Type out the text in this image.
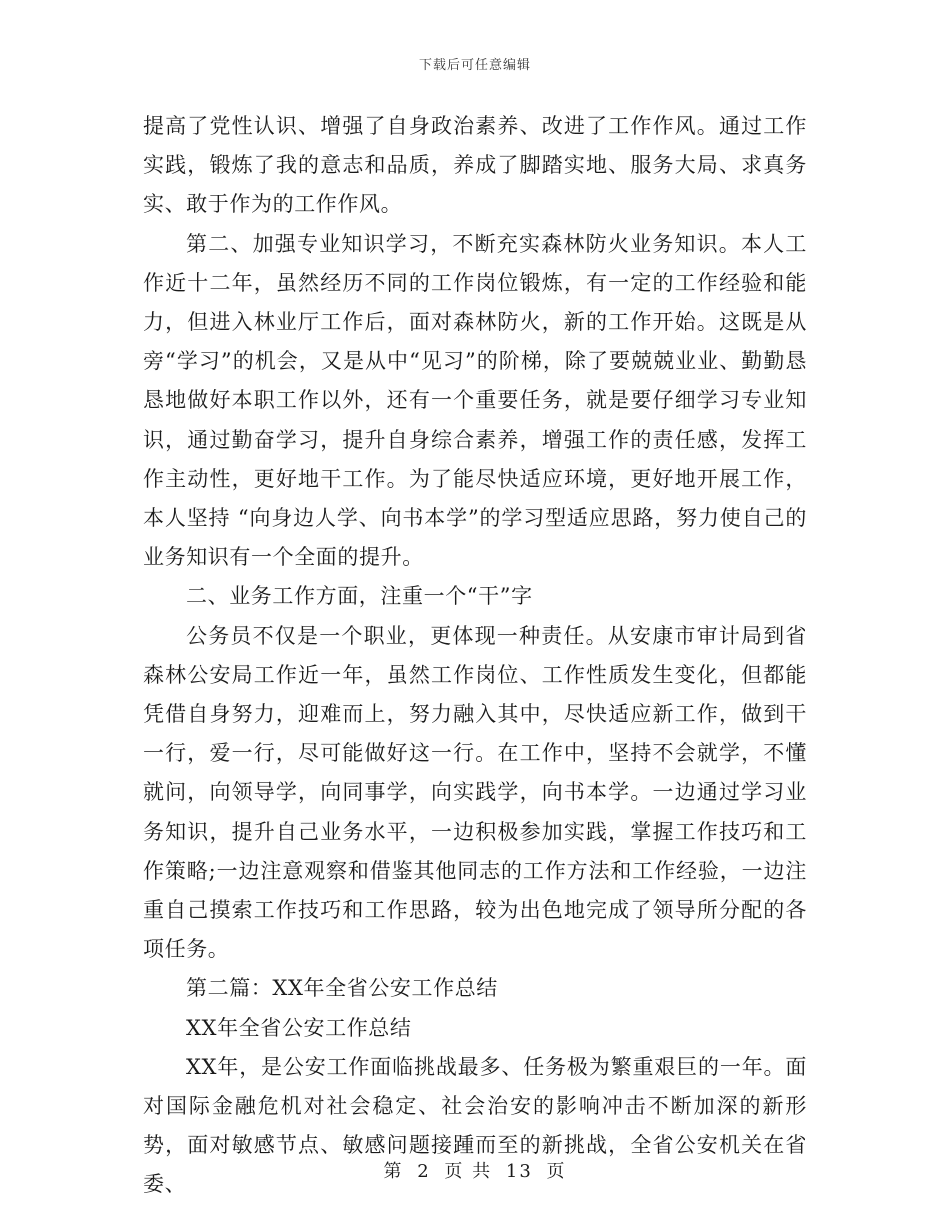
下载后可任意编辑

提高了党性认识、增强了自身政治素养、改进了工作作风。通过工作实践，锻炼了我的意志和品质，养成了脚踏实地、服务大局、求真务实、敢于作为的工作作风。

第二、加强专业知识学习，不断充实森林防火业务知识。本人工作近十二年，虽然经历不同的工作岗位锻炼，有一定的工作经验和能力，但进入林业厅工作后，面对森林防火，新的工作开始。这既是从旁“学习”的机会，又是从中“见习”的阶梯，除了要兢兢业业、勤勤恳恳地做好本职工作以外，还有一个重要任务，就是要仔细学习专业知识，通过勤奋学习，提升自身综合素养，增强工作的责任感，发挥工作主动性，更好地干工作。为了能尽快适应环境，更好地开展工作，本人坚持 “向身边人学、向书本学”的学习型适应思路，努力使自己的业务知识有一个全面的提升。

二、业务工作方面，注重一个“干”字

公务员不仅是一个职业，更体现一种责任。从安康市审计局到省森林公安局工作近一年，虽然工作岗位、工作性质发生变化，但都能凭借自身努力，迎难而上，努力融入其中，尽快适应新工作，做到干一行，爱一行，尽可能做好这一行。在工作中，坚持不会就学，不懂就问，向领导学，向同事学，向实践学，向书本学。一边通过学习业务知识，提升自己业务水平，一边积极参加实践，掌握工作技巧和工作策略;一边注意观察和借鉴其他同志的工作方法和工作经验，一边注重自己摸索工作技巧和工作思路，较为出色地完成了领导所分配的各项任务。

第二篇：XX年全省公安工作总结

XX年全省公安工作总结

XX年，是公安工作面临挑战最多、任务极为繁重艰巨的一年。面对国际金融危机对社会稳定、社会治安的影响冲击不断加深的新形势，面对敏感节点、敏感问题接踵而至的新挑战，全省公安机关在省委、

第 2 页 共 13 页
